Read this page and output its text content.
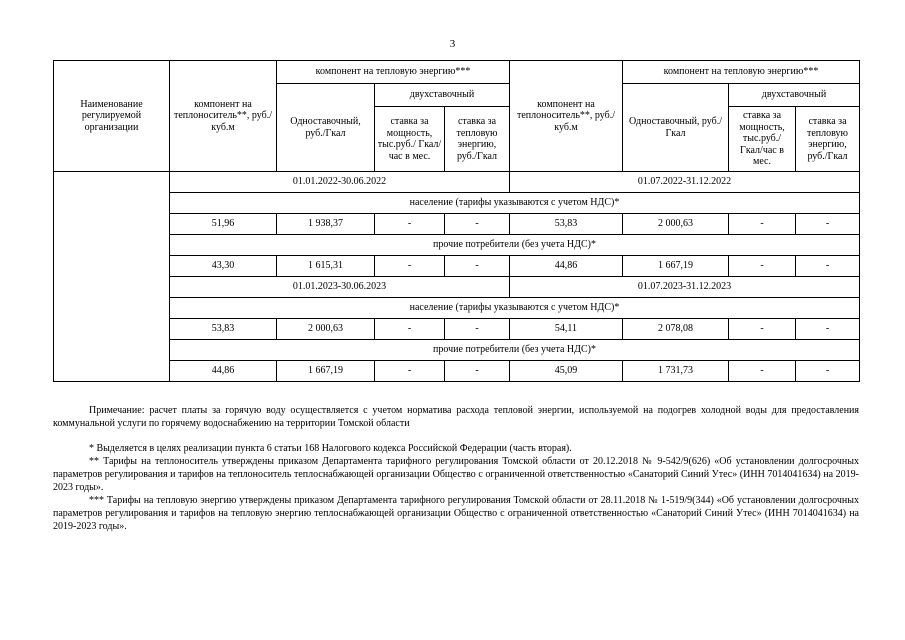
3
Наименование регулируемой организации	компонент на теплоноситель**, руб./куб.м	компонент на тепловую энергию***			компонент на теплоноситель**, руб./куб.м	компонент на тепловую энергию***		
		Одноставочный, руб./Гкал	двухставочный			Одноставочный, руб./Гкал	двухставочный	
			ставка за мощность, тыс.руб./ Гкал/час в мес.	ставка за тепловую энергию, руб./Гкал			ставка за мощность, тыс.руб./ Гкал/час в мес.	ставка за тепловую энергию, руб./Гкал
	01.01.2022-30.06.2022				01.07.2022-31.12.2022			
	население (тарифы указываются с учетом НДС)*							
	51,96	1 938,37	-	-	53,83	2 000,63	-	-
	прочие потребители (без учета НДС)*							
	43,30	1 615,31	-	-	44,86	1 667,19	-	-
	01.01.2023-30.06.2023				01.07.2023-31.12.2023			
	население (тарифы указываются с учетом НДС)*							
	53,83	2 000,63	-	-	54,11	2 078,08	-	-
	прочие потребители (без учета НДС)*							
	44,86	1 667,19	-	-	45,09	1 731,73	-	-

Примечание: расчет платы за горячую воду осуществляется с учетом норматива расхода тепловой энергии, используемой на подогрев холодной воды для предоставления коммунальной услуги по горячему водоснабжению на территории Томской области

* Выделяется в целях реализации пункта 6 статьи 168 Налогового кодекса Российской Федерации (часть вторая).

** Тарифы на теплоноситель утверждены приказом Департамента тарифного регулирования Томской области от 20.12.2018 № 9-542/9(626) «Об установлении долгосрочных параметров регулирования и тарифов на теплоноситель теплоснабжающей организации Общество с ограниченной ответственностью «Санаторий Синий Утес» (ИНН 7014041634) на 2019-2023 годы».

*** Тарифы на тепловую энергию утверждены приказом Департамента тарифного регулирования Томской области от 28.11.2018 № 1-519/9(344) «Об установлении долгосрочных параметров регулирования и тарифов на тепловую энергию теплоснабжающей организации Общество с ограниченной ответственностью «Санаторий Синий Утес» (ИНН 7014041634) на 2019-2023 годы».
